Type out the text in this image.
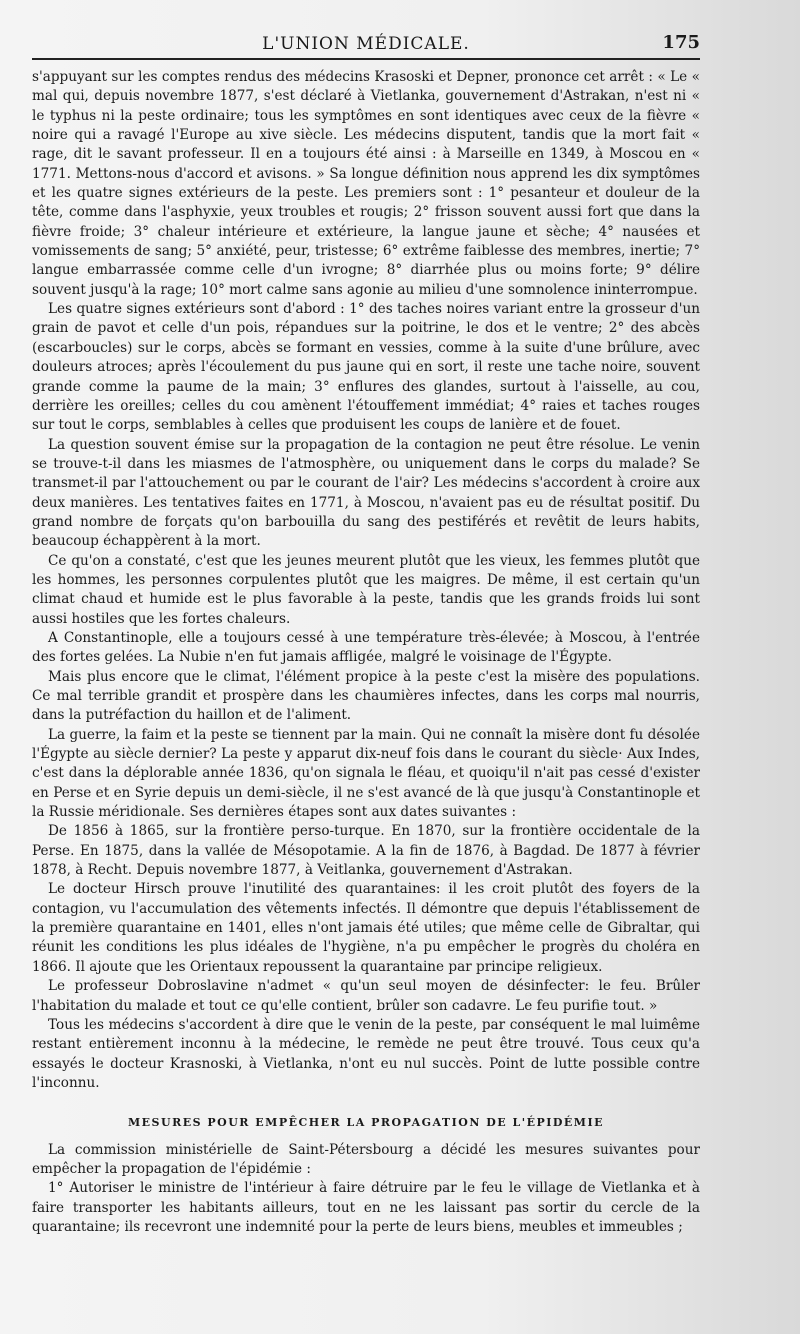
L'UNION MÉDICALE.	175

s'appuyant sur les comptes rendus des médecins Krasoski et Depner, prononce cet arrêt : « Le « mal qui, depuis novembre 1877, s'est déclaré à Vietlanka, gouvernement d'Astrakan, n'est ni « le typhus ni la peste ordinaire; tous les symptômes en sont identiques avec ceux de la fièvre « noire qui a ravagé l'Europe au xive siècle. Les médecins disputent, tandis que la mort fait « rage, dit le savant professeur. Il en a toujours été ainsi : à Marseille en 1349, à Moscou en « 1771. Mettons-nous d'accord et avisons. » Sa longue définition nous apprend les dix symptômes et les quatre signes extérieurs de la peste. Les premiers sont : 1° pesanteur et douleur de la tête, comme dans l'asphyxie, yeux troubles et rougis; 2° frisson souvent aussi fort que dans la fièvre froide; 3° chaleur intérieure et extérieure, la langue jaune et sèche; 4° nausées et vomissements de sang; 5° anxiété, peur, tristesse; 6° extrême faiblesse des membres, inertie; 7° langue embarrassée comme celle d'un ivrogne; 8° diarrhée plus ou moins forte; 9° délire souvent jusqu'à la rage; 10° mort calme sans agonie au milieu d'une somnolence ininterrompue.

Les quatre signes extérieurs sont d'abord : 1° des taches noires variant entre la grosseur d'un grain de pavot et celle d'un pois, répandues sur la poitrine, le dos et le ventre; 2° des abcès (escarboucles) sur le corps, abcès se formant en vessies, comme à la suite d'une brûlure, avec douleurs atroces; après l'écoulement du pus jaune qui en sort, il reste une tache noire, souvent grande comme la paume de la main; 3° enflures des glandes, surtout à l'aisselle, au cou, derrière les oreilles; celles du cou amènent l'étouffement immédiat; 4° raies et taches rouges sur tout le corps, semblables à celles que produisent les coups de lanière et de fouet.

La question souvent émise sur la propagation de la contagion ne peut être résolue. Le venin se trouve-t-il dans les miasmes de l'atmosphère, ou uniquement dans le corps du malade? Se transmet-il par l'attouchement ou par le courant de l'air? Les médecins s'accordent à croire aux deux manières. Les tentatives faites en 1771, à Moscou, n'avaient pas eu de résultat positif. Du grand nombre de forçats qu'on barbouilla du sang des pestiférés et revêtit de leurs habits, beaucoup échappèrent à la mort.

Ce qu'on a constaté, c'est que les jeunes meurent plutôt que les vieux, les femmes plutôt que les hommes, les personnes corpulentes plutôt que les maigres. De même, il est certain qu'un climat chaud et humide est le plus favorable à la peste, tandis que les grands froids lui sont aussi hostiles que les fortes chaleurs.

A Constantinople, elle a toujours cessé à une température très-élevée; à Moscou, à l'entrée des fortes gelées. La Nubie n'en fut jamais affligée, malgré le voisinage de l'Égypte.

Mais plus encore que le climat, l'élément propice à la peste c'est la misère des populations. Ce mal terrible grandit et prospère dans les chaumières infectes, dans les corps mal nourris, dans la putréfaction du haillon et de l'aliment.

La guerre, la faim et la peste se tiennent par la main. Qui ne connaît la misère dont fu désolée l'Égypte au siècle dernier? La peste y apparut dix-neuf fois dans le courant du siècle· Aux Indes, c'est dans la déplorable année 1836, qu'on signala le fléau, et quoiqu'il n'ait pas cessé d'exister en Perse et en Syrie depuis un demi-siècle, il ne s'est avancé de là que jusqu'à Constantinople et la Russie méridionale. Ses dernières étapes sont aux dates suivantes :

De 1856 à 1865, sur la frontière perso-turque. En 1870, sur la frontière occidentale de la Perse. En 1875, dans la vallée de Mésopotamie. A la fin de 1876, à Bagdad. De 1877 à février 1878, à Recht. Depuis novembre 1877, à Veitlanka, gouvernement d'Astrakan.

Le docteur Hirsch prouve l'inutilité des quarantaines: il les croit plutôt des foyers de la contagion, vu l'accumulation des vêtements infectés. Il démontre que depuis l'établissement de la première quarantaine en 1401, elles n'ont jamais été utiles; que même celle de Gibraltar, qui réunit les conditions les plus idéales de l'hygiène, n'a pu empêcher le progrès du choléra en 1866. Il ajoute que les Orientaux repoussent la quarantaine par principe religieux.

Le professeur Dobroslavine n'admet « qu'un seul moyen de désinfecter: le feu. Brûler l'habitation du malade et tout ce qu'elle contient, brûler son cadavre. Le feu purifie tout. »

Tous les médecins s'accordent à dire que le venin de la peste, par conséquent le mal luimême restant entièrement inconnu à la médecine, le remède ne peut être trouvé. Tous ceux qu'a essayés le docteur Krasnoski, à Vietlanka, n'ont eu nul succès. Point de lutte possible contre l'inconnu.

MESURES POUR EMPÊCHER LA PROPAGATION DE L'ÉPIDÉMIE

La commission ministérielle de Saint-Pétersbourg a décidé les mesures suivantes pour empêcher la propagation de l'épidémie :

1° Autoriser le ministre de l'intérieur à faire détruire par le feu le village de Vietlanka et à faire transporter les habitants ailleurs, tout en ne les laissant pas sortir du cercle de la quarantaine; ils recevront une indemnité pour la perte de leurs biens, meubles et immeubles ;
